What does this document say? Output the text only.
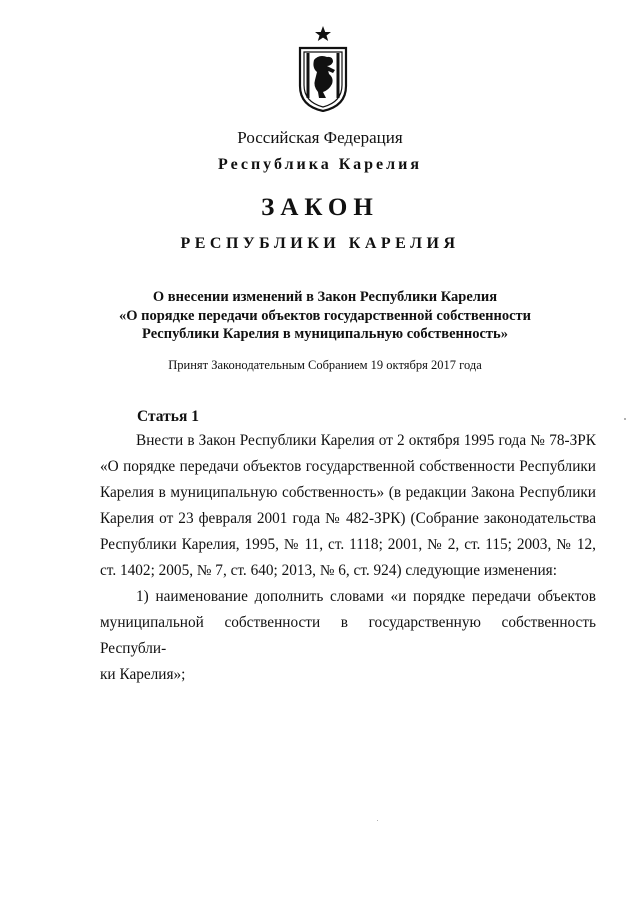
Российская Федерация
Республика Карелия
ЗАКОН
РЕСПУБЛИКИ КАРЕЛИЯ
О внесении изменений в Закон Республики Карелия
«О порядке передачи объектов государственной собственности
Республики Карелия в муниципальную собственность»
Принят Законодательным Собранием 19 октября 2017 года
Статья 1
Внести в Закон Республики Карелия от 2 октября 1995 года № 78-ЗРК
«О порядке передачи объектов государственной собственности Республики
Карелия в муниципальную собственность» (в редакции Закона Республики
Карелия от 23 февраля 2001 года № 482-ЗРК) (Собрание законодательства
Республики Карелия, 1995, № 11, ст. 1118; 2001, № 2, ст. 115; 2003, № 12,
ст. 1402; 2005, № 7, ст. 640; 2013, № 6, ст. 924) следующие изменения:
1) наименование дополнить словами «и порядке передачи объектов
муниципальной собственности в государственную собственность Республи-
ки Карелия»;
